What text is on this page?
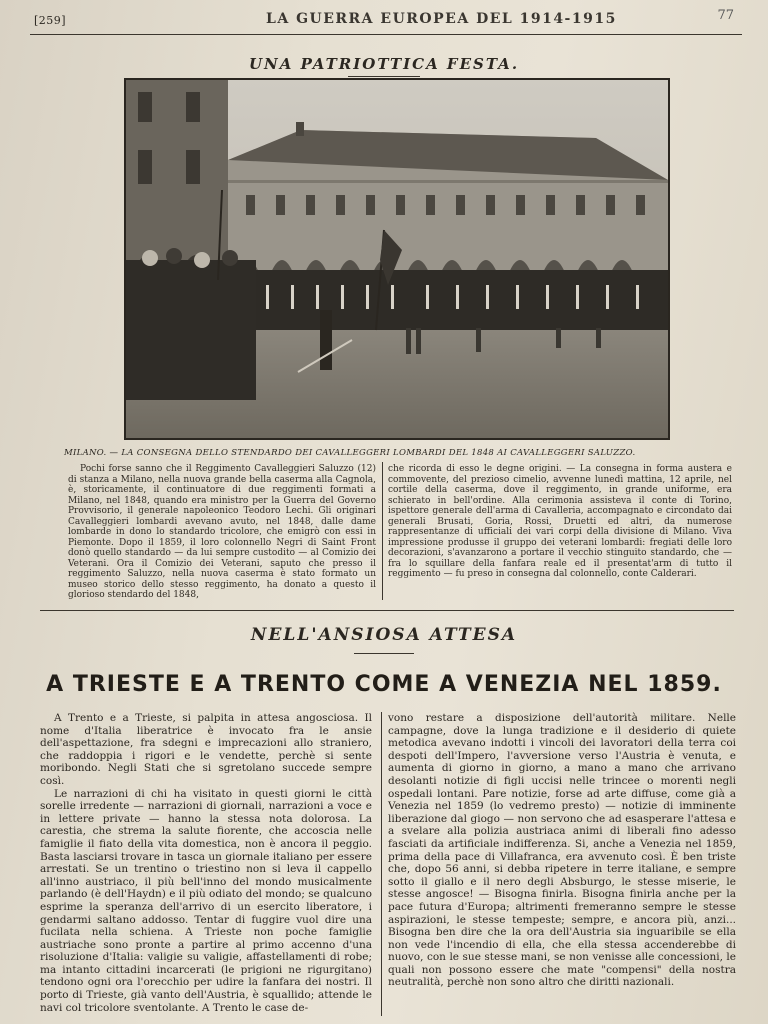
[259]	LA GUERRA EUROPEA DEL 1914-1915	77
UNA PATRIOTTICA FESTA.
MILANO. — LA CONSEGNA DELLO STENDARDO DEI CAVALLEGGERI LOMBARDI DEL 1848 AI CAVALLEGGERI SALUZZO.

Pochi forse sanno che il Reggimento Cavalleggieri Saluzzo (12) di stanza a Milano, nella nuova grande bella caserma alla Cagnola, è, storicamente, il continuatore di due reggimenti formati a Milano, nel 1848, quando era ministro per la Guerra del Governo Provvisorio, il generale napoleonico Teodoro Lechi. Gli originari Cavalleggieri lombardi avevano avuto, nel 1848, dalle dame lombarde in dono lo standardo tricolore, che emigrò con essi in Piemonte. Dopo il 1859, il loro colonnello Negri di Saint Front donò quello standardo — da lui sempre custodito — al Comizio dei Veterani. Ora il Comizio dei Veterani, saputo che presso il reggimento Saluzzo, nella nuova caserma è stato formato un museo storico dello stesso reggimento, ha donato a questo il glorioso stendardo del 1848,

che ricorda di esso le degne origini. — La consegna in forma austera e commovente, del prezioso cimelio, avvenne lunedì mattina, 12 aprile, nel cortile della caserma, dove il reggimento, in grande uniforme, era schierato in bell'ordine. Alla cerimonia assisteva il conte di Torino, ispettore generale dell'arma di Cavalleria, accompagnato e circondato dai generali Brusati, Goria, Rossi, Druetti ed altri, da numerose rappresentanze di ufficiali dei vari corpi della divisione di Milano. Viva impressione produsse il gruppo dei veterani lombardi: fregiati delle loro decorazioni, s'avanzarono a portare il vecchio stinguito standardo, che — fra lo squillare della fanfara reale ed il presentat'arm di tutto il reggimento — fu preso in consegna dal colonnello, conte Calderari.

NELL'ANSIOSA ATTESA
A TRIESTE E A TRENTO COME A VENEZIA NEL 1859.

A Trento e a Trieste, si palpita in attesa angosciosa. Il nome d'Italia liberatrice è invocato fra le ansie dell'aspettazione, fra sdegni e imprecazioni allo straniero, che raddoppia i rigori e le vendette, perchè si sente moribondo. Negli Stati che si sgretolano succede sempre così.

Le narrazioni di chi ha visitato in questi giorni le città sorelle irredente — narrazioni di giornali, narrazioni a voce e in lettere private — hanno la stessa nota dolorosa. La carestia, che stremа la salute fiorente, che accoscia nelle famiglie il fiato della vita domestica, non è ancora il peggio. Basta lasciarsi trovare in tasca un giornale italiano per essere arrestati. Se un trentino o triestino non si leva il cappello all'inno austriaco, il più bell'inno del mondo musicalmente parlando (è dell'Haydn) e il più odiato del mondo; se qualcuno esprime la speranza dell'arrivo di un esercito liberatore, i gendarmi saltano addosso. Tentar di fuggire vuol dire una fucilata nella schiena. A Trieste non poche famiglie austriache sono pronte a partire al primo accenno d'una risoluzione d'Italia: valigie su valigie, affastellamenti di robe; ma intanto cittadini incarcerati (le prigioni ne rigurgitano) tendono ogni ora l'orecchio per udire la fanfara dei nostri. Il porto di Trieste, già vanto dell'Austria, è squallido; attende le navi col tricolore sventolante. A Trento le case de-

vono restare a disposizione dell'autorità militare. Nelle campagne, dove la lunga tradizione e il desiderio di quiete metodica avevano indotti i vincoli dei lavoratori della terra coi despoti dell'Impero, l'avversione verso l'Austria è venuta, e aumenta di giorno in giorno, a mano a mano che arrivano desolanti notizie di figli uccisi nelle trincee o morenti negli ospedali lontani. Pare notizie, forse ad arte diffuse, come già a Venezia nel 1859 (lo vedremo presto) — notizie di imminente liberazione dal giogo — non servono che ad esasperare l'attesa e a svelare alla polizia austriaca animi di liberali fino adesso fasciati da artificiale indifferenza. Si, anche a Venezia nel 1859, prima della pace di Villafranca, era avvenuto così. È ben triste che, dopo 56 anni, si debba ripetere in terre italiane, e sempre sotto il giallo e il nero degli Absburgo, le stesse miserie, le stesse angosce! — Bisogna finirla. Bisogna finirla anche per la pace futura d'Europa; altrimenti fremeranno sempre le stesse aspirazioni, le stesse tempeste; sempre, e ancora più, anzi... Bisogna ben dire che la ora dell'Austria sia inguaribile se ella non vede l'incendio di ella, che ella stessa accenderebbe di nuovo, con le sue stesse mani, se non venisse alle concessioni, le quali non possono essere che mate "compensi" della nostra neutralità, perchè non sono altro che diritti nazionali.
